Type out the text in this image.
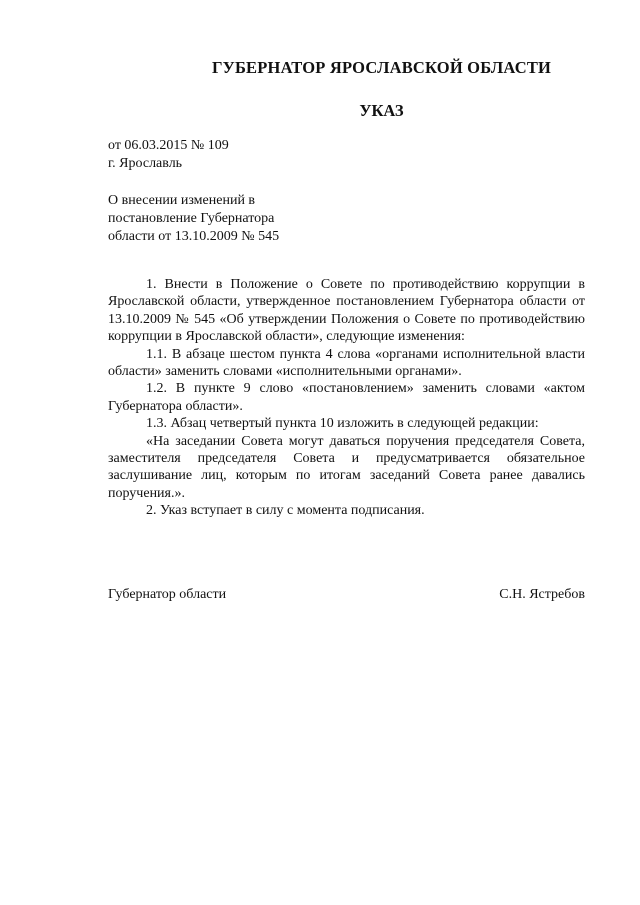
ГУБЕРНАТОР ЯРОСЛАВСКОЙ ОБЛАСТИ
УКАЗ
от 06.03.2015 № 109
г. Ярославль
О внесении изменений в
постановление Губернатора
области от 13.10.2009 № 545

1. Внести в Положение о Совете по противодействию коррупции в Ярославской области, утвержденное постановлением Губернатора области от 13.10.2009 № 545 «Об утверждении Положения о Совете по противодействию коррупции в Ярославской области», следующие изменения:

1.1. В абзаце шестом пункта 4 слова «органами исполнительной власти области» заменить словами «исполнительными органами».

1.2. В пункте 9 слово «постановлением» заменить словами «актом Губернатора области».

1.3. Абзац четвертый пункта 10 изложить в следующей редакции:

«На заседании Совета могут даваться поручения председателя Совета, заместителя председателя Совета и предусматривается обязательное заслушивание лиц, которым по итогам заседаний Совета ранее давались поручения.».

2. Указ вступает в силу с момента подписания.

Губернатор области	С.Н. Ястребов
